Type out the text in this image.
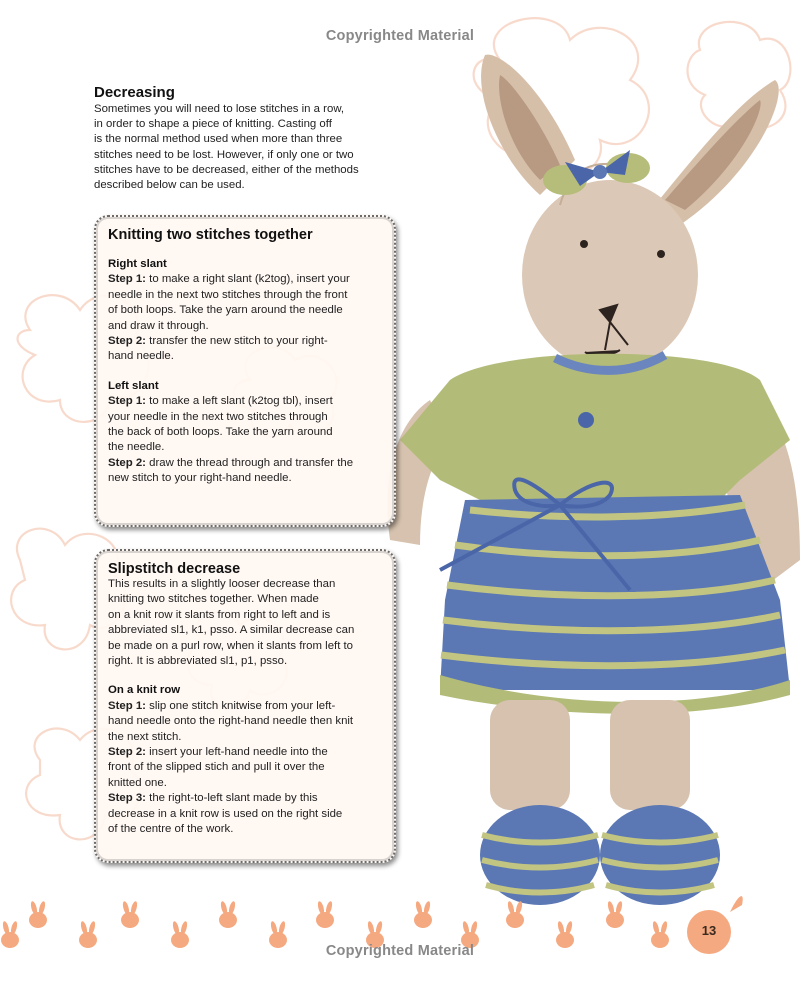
Copyrighted Material
Decreasing

Sometimes you will need to lose stitches in a row,
in order to shape a piece of knitting. Casting off
is the normal method used when more than three
stitches need to be lost. However, if only one or two
stitches have to be decreased, either of the methods
described below can be used.

Knitting two stitches together
Right slant

Step 1: to make a right slant (k2tog), insert your
needle in the next two stitches through the front
of both loops. Take the yarn around the needle
and draw it through.

Step 2: transfer the new stitch to your right-
hand needle.

Left slant

Step 1: to make a left slant (k2tog tbl), insert
your needle in the next two stitches through
the back of both loops. Take the yarn around
the needle.

Step 2: draw the thread through and transfer the
new stitch to your right-hand needle.

Slipstitch decrease

This results in a slightly looser decrease than
knitting two stitches together. When made
on a knit row it slants from right to left and is
abbreviated sl1, k1, psso. A similar decrease can
be made on a purl row, when it slants from left to
right. It is abbreviated sl1, p1, psso.

On a knit row

Step 1: slip one stitch knitwise from your left-
hand needle onto the right-hand needle then knit
the next stitch.

Step 2: insert your left-hand needle into the
front of the slipped stich and pull it over the
knitted one.

Step 3: the right-to-left slant made by this
decrease in a knit row is used on the right side
of the centre of the work.

13
Copyrighted Material
